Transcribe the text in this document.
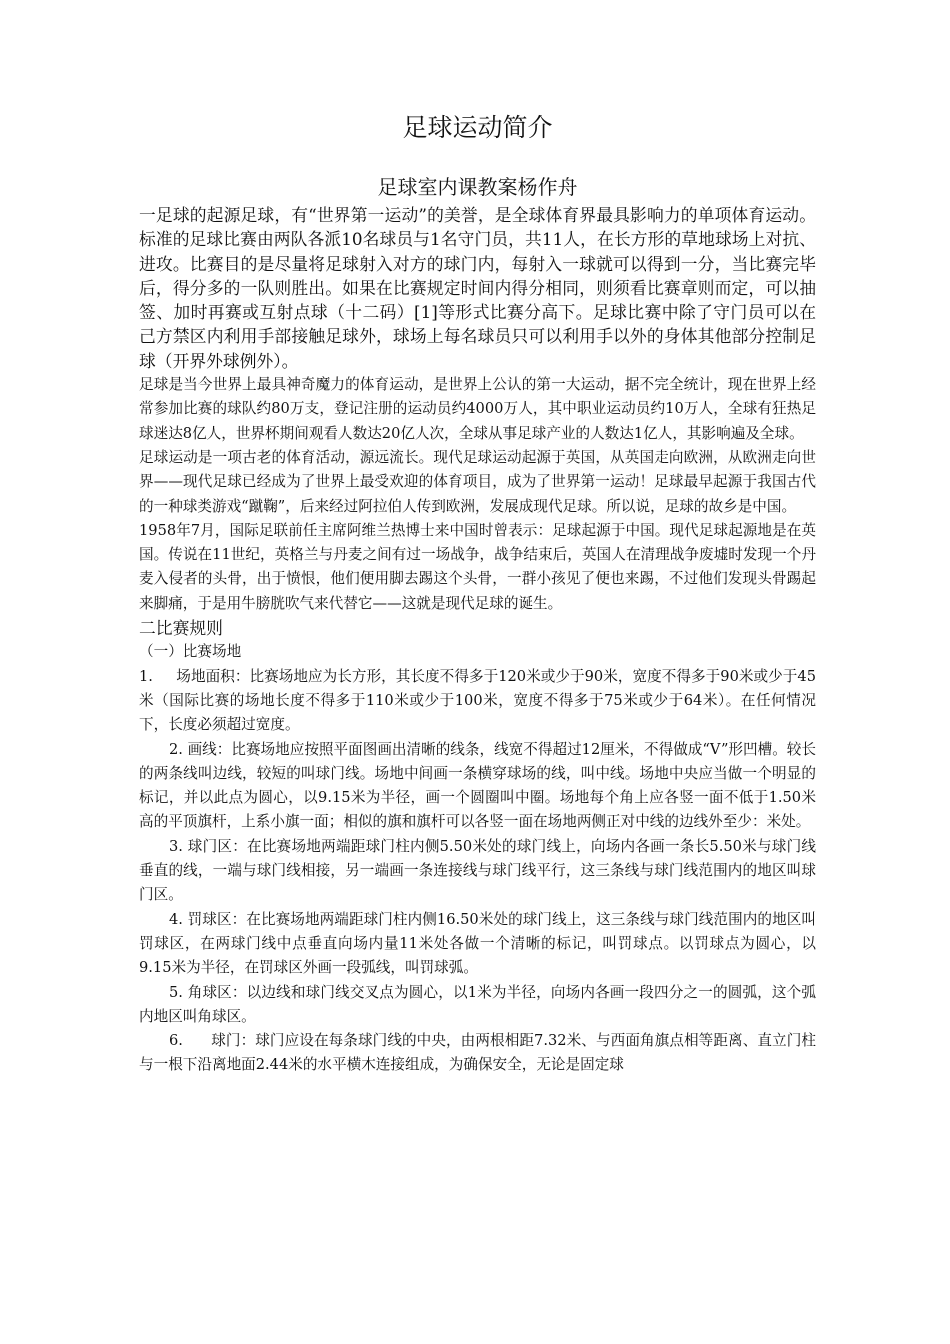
足球运动简介
足球室内课教案杨作舟

一足球的起源足球，有“世界第一运动”的美誉，是全球体育界最具影响力的单项体育运动。标准的足球比赛由两队各派10名球员与1名守门员，共11人，在长方形的草地球场上对抗、进攻。比赛目的是尽量将足球射入对方的球门内，每射入一球就可以得到一分，当比赛完毕后，得分多的一队则胜出。如果在比赛规定时间内得分相同，则须看比赛章则而定，可以抽签、加时再赛或互射点球（十二码）[1]等形式比赛分高下。足球比赛中除了守门员可以在己方禁区内利用手部接触足球外，球场上每名球员只可以利用手以外的身体其他部分控制足球（开界外球例外）。

足球是当今世界上最具神奇魔力的体育运动，是世界上公认的第一大运动，据不完全统计，现在世界上经常参加比赛的球队约80万支，登记注册的运动员约4000万人，其中职业运动员约10万人，全球有狂热足球迷达8亿人，世界杯期间观看人数达20亿人次，全球从事足球产业的人数达1亿人，其影响遍及全球。

足球运动是一项古老的体育活动，源远流长。现代足球运动起源于英国，从英国走向欧洲，从欧洲走向世界——现代足球已经成为了世界上最受欢迎的体育项目，成为了世界第一运动！足球最早起源于我国古代的一种球类游戏“蹴鞠”，后来经过阿拉伯人传到欧洲，发展成现代足球。所以说，足球的故乡是中国。

1958年7月，国际足联前任主席阿维兰热博士来中国时曾表示：足球起源于中国。现代足球起源地是在英国。传说在11世纪，英格兰与丹麦之间有过一场战争，战争结束后，英国人在清理战争废墟时发现一个丹麦入侵者的头骨，出于愤恨，他们便用脚去踢这个头骨，一群小孩见了便也来踢，不过他们发现头骨踢起来脚痛，于是用牛膀胱吹气来代替它——这就是现代足球的诞生。

二比赛规则
（一）比赛场地

1.     场地面积：比赛场地应为长方形，其长度不得多于120米或少于90米，宽度不得多于90米或少于45米（国际比赛的场地长度不得多于110米或少于100米，宽度不得多于75米或少于64米）。在任何情况下，长度必须超过宽度。

2. 画线：比赛场地应按照平面图画出清晰的线条，线宽不得超过12厘米，不得做成“V”形凹槽。较长的两条线叫边线，较短的叫球门线。场地中间画一条横穿球场的线，叫中线。场地中央应当做一个明显的标记，并以此点为圆心，以9.15米为半径，画一个圆圈叫中圈。场地每个角上应各竖一面不低于1.50米高的平顶旗杆，上系小旗一面；相似的旗和旗杆可以各竖一面在场地两侧正对中线的边线外至少：米处。

3. 球门区：在比赛场地两端距球门柱内侧5.50米处的球门线上，向场内各画一条长5.50米与球门线垂直的线，一端与球门线相接，另一端画一条连接线与球门线平行，这三条线与球门线范围内的地区叫球门区。

4. 罚球区：在比赛场地两端距球门柱内侧16.50米处的球门线上，这三条线与球门线范围内的地区叫罚球区，在两球门线中点垂直向场内量11米处各做一个清晰的标记，叫罚球点。以罚球点为圆心，以9.15米为半径，在罚球区外画一段弧线，叫罚球弧。

5. 角球区：以边线和球门线交叉点为圆心，以1米为半径，向场内各画一段四分之一的圆弧，这个弧内地区叫角球区。

6.      球门：球门应设在每条球门线的中央，由两根相距7.32米、与西面角旗点相等距离、直立门柱与一根下沿离地面2.44米的水平横木连接组成，为确保安全，无论是固定球
